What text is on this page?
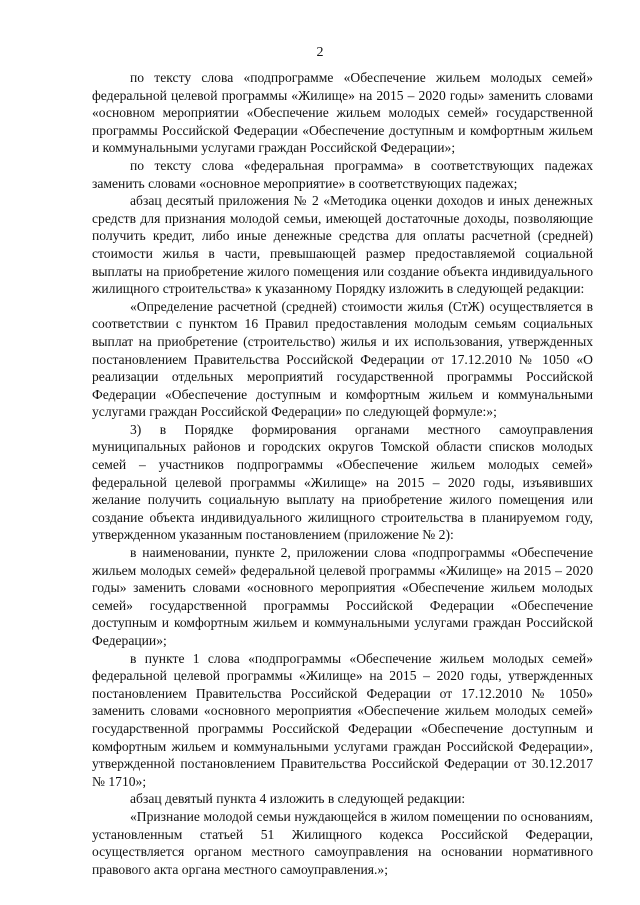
2

по тексту слова «подпрограмме «Обеспечение жильем молодых семей» федеральной целевой программы «Жилище» на 2015 – 2020 годы» заменить словами «основном мероприятии «Обеспечение жильем молодых семей» государственной программы Российской Федерации «Обеспечение доступным и комфортным жильем и коммунальными услугами граждан Российской Федерации»;

по тексту слова «федеральная программа» в соответствующих падежах заменить словами «основное мероприятие» в соответствующих падежах;

абзац десятый приложения № 2 «Методика оценки доходов и иных денежных средств для признания молодой семьи, имеющей достаточные доходы, позволяющие получить кредит, либо иные денежные средства для оплаты расчетной (средней) стоимости жилья в части, превышающей размер предоставляемой социальной выплаты на приобретение жилого помещения или создание объекта индивидуального жилищного строительства» к указанному Порядку изложить в следующей редакции:

«Определение расчетной (средней) стоимости жилья (СтЖ) осуществляется в соответствии с пунктом 16 Правил предоставления молодым семьям социальных выплат на приобретение (строительство) жилья и их использования, утвержденных постановлением Правительства Российской Федерации от 17.12.2010 № 1050 «О реализации отдельных мероприятий государственной программы Российской Федерации «Обеспечение доступным и комфортным жильем и коммунальными услугами граждан Российской Федерации» по следующей формуле:»;

3) в Порядке формирования органами местного самоуправления муниципальных районов и городских округов Томской области списков молодых семей – участников подпрограммы «Обеспечение жильем молодых семей» федеральной целевой программы «Жилище» на 2015 – 2020 годы, изъявивших желание получить социальную выплату на приобретение жилого помещения или создание объекта индивидуального жилищного строительства в планируемом году, утвержденном указанным постановлением (приложение № 2):

в наименовании, пункте 2, приложении слова «подпрограммы «Обеспечение жильем молодых семей» федеральной целевой программы «Жилище» на 2015 – 2020 годы» заменить словами «основного мероприятия «Обеспечение жильем молодых семей» государственной программы Российской Федерации «Обеспечение доступным и комфортным жильем и коммунальными услугами граждан Российской Федерации»;

в пункте 1 слова «подпрограммы «Обеспечение жильем молодых семей» федеральной целевой программы «Жилище» на 2015 – 2020 годы, утвержденных постановлением Правительства Российской Федерации от 17.12.2010 № 1050» заменить словами «основного мероприятия «Обеспечение жильем молодых семей» государственной программы Российской Федерации «Обеспечение доступным и комфортным жильем и коммунальными услугами граждан Российской Федерации», утвержденной постановлением Правительства Российской Федерации от 30.12.2017 № 1710»;

абзац девятый пункта 4 изложить в следующей редакции:

«Признание молодой семьи нуждающейся в жилом помещении по основаниям, установленным статьей 51 Жилищного кодекса Российской Федерации, осуществляется органом местного самоуправления на основании нормативного правового акта органа местного самоуправления.»;
